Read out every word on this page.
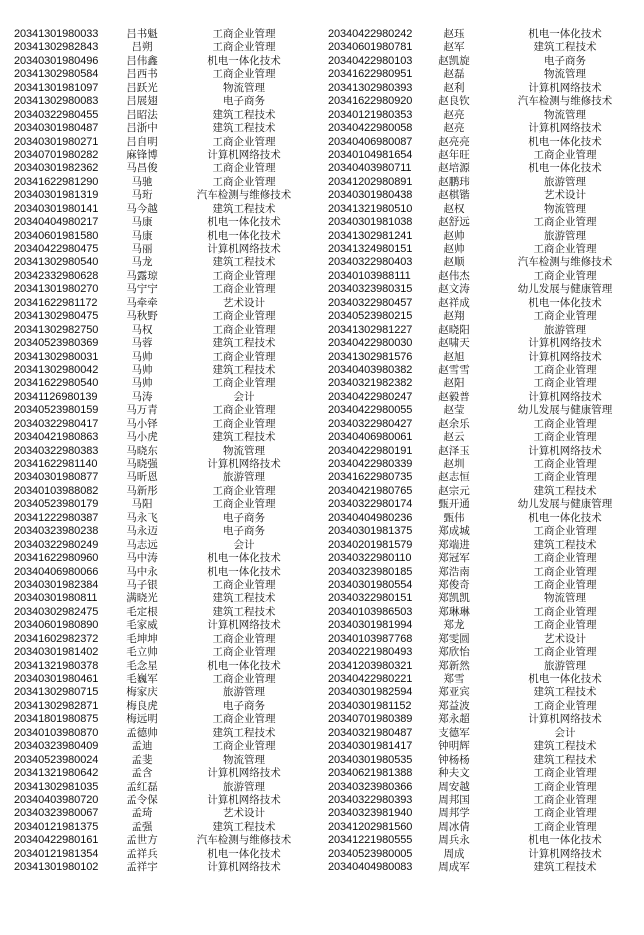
20341301980033	吕书魁	工商企业管理
20341302982843	吕朔	工商企业管理
20340301980496	吕伟鑫	机电一体化技术
20341302980584	吕西书	工商企业管理
20341301981097	吕跃光	物流管理
20341302980083	吕展翅	电子商务
20340322980455	吕昭法	建筑工程技术
20340301980487	吕浙中	建筑工程技术
20340301980271	吕自明	工商企业管理
20340701980282	麻锋博	计算机网络技术
20340301982362	马昌俊	工商企业管理
20341622981290	马驰	工商企业管理
20340301981319	马珩	汽车检测与维修技术
20340301980141	马今越	建筑工程技术
20340404980217	马康	机电一体化技术
20340601981580	马康	机电一体化技术
20340422980475	马丽	计算机网络技术
20341302980540	马龙	建筑工程技术
20342332980628	马露琼	工商企业管理
20341301980270	马宁宁	工商企业管理
20341622981172	马牵牵	艺术设计
20341302980475	马秋野	工商企业管理
20341302982750	马权	工商企业管理
20340523980369	马蓉	建筑工程技术
20341302980031	马帅	工商企业管理
20341302980042	马帅	建筑工程技术
20341622980540	马帅	工商企业管理
20341126980139	马涛	会计
20340523980159	马万青	工商企业管理
20340322980417	马小铎	工商企业管理
20340421980863	马小虎	建筑工程技术
20340322980383	马晓东	物流管理
20341622981140	马晓强	计算机网络技术
20340301980877	马昕恩	旅游管理
20340103988082	马新彤	工商企业管理
20340523980179	马阳	工商企业管理
20341222980387	马永飞	电子商务
20340323980238	马永迈	电子商务
20340322980249	马志远	会计
20341622980960	马中涛	机电一体化技术
20340406980066	马中永	机电一体化技术
20340301982384	马子银	工商企业管理
20340301980811	满晓光	建筑工程技术
20340302982475	毛定根	建筑工程技术
20340601980890	毛家威	计算机网络技术
20341602982372	毛坤坤	工商企业管理
20340301981402	毛立帅	工商企业管理
20341321980378	毛念星	机电一体化技术
20340301980461	毛巍军	工商企业管理
20341302980715	梅家庆	旅游管理
20341302982871	梅良虎	电子商务
20341801980875	梅远明	工商企业管理
20340103980870	孟德帅	建筑工程技术
20340323980409	孟迪	工商企业管理
20340523980024	孟斐	物流管理
20341321980642	孟含	计算机网络技术
20341302981035	孟红磊	旅游管理
20340403980720	孟令保	计算机网络技术
20340323980067	孟琦	艺术设计
20340121981375	孟强	建筑工程技术
20340422980161	孟世方	汽车检测与维修技术
20340121981354	孟祥兵	机电一体化技术
20341301980102	孟祥宇	计算机网络技术
20340422980242	赵珏	机电一体化技术
20340601980781	赵军	建筑工程技术
20340422980103	赵凯旋	电子商务
20341622980951	赵磊	物流管理
20341302980393	赵利	计算机网络技术
20341622980920	赵良钦	汽车检测与维修技术
20340121980353	赵亮	物流管理
20340422980058	赵亮	计算机网络技术
20340406980087	赵亮亮	机电一体化技术
20340104981654	赵年旺	工商企业管理
20340403980711	赵培源	机电一体化技术
20341202980891	赵鹏玮	旅游管理
20340301980438	赵棋锴	艺术设计
20341321980510	赵权	物流管理
20340301981038	赵舒远	工商企业管理
20341302981241	赵帅	旅游管理
20341324980151	赵帅	工商企业管理
20340322980403	赵顺	汽车检测与维修技术
20340103988111	赵伟杰	工商企业管理
20340323980315	赵文涛	幼儿发展与健康管理
20340322980457	赵祥成	机电一体化技术
20340523980215	赵翔	工商企业管理
20341302981227	赵晓阳	旅游管理
20340422980030	赵啸天	计算机网络技术
20341302981576	赵旭	计算机网络技术
20340403980382	赵雪雪	工商企业管理
20340321982382	赵阳	工商企业管理
20340422980247	赵毅普	计算机网络技术
20340422980055	赵莹	幼儿发展与健康管理
20340322980427	赵余乐	工商企业管理
20340406980061	赵云	工商企业管理
20340422980191	赵泽玉	计算机网络技术
20340422980339	赵圳	工商企业管理
20341622980735	赵志恒	工商企业管理
20340421980765	赵宗元	建筑工程技术
20340322980174	甄开通	幼儿发展与健康管理
20340404980236	甄伟	机电一体化技术
20340301981375	郑成城	工商企业管理
20340201981579	郑端进	建筑工程技术
20340322980110	郑冠军	工商企业管理
20340323980185	郑浩南	工商企业管理
20340301980554	郑俊奇	工商企业管理
20340322980151	郑凯凯	物流管理
20340103986503	郑琳琳	工商企业管理
20340301981994	郑龙	工商企业管理
20340103987768	郑雯圆	艺术设计
20340221980493	郑欣怡	工商企业管理
20341203980321	郑新然	旅游管理
20340422980221	郑雪	机电一体化技术
20340301982594	郑亚宾	建筑工程技术
20340301981152	郑益波	工商企业管理
20340701980389	郑永超	计算机网络技术
20340321980487	支德军	会计
20340301981417	钟明辉	建筑工程技术
20340301980535	钟杨杨	建筑工程技术
20340621981388	种夫文	工商企业管理
20340323980366	周安越	工商企业管理
20340322980393	周邦国	工商企业管理
20340323981940	周邦学	工商企业管理
20341202981560	周冰倩	工商企业管理
20341221980555	周兵永	机电一体化技术
20340523980005	周成	计算机网络技术
20340404980083	周成军	建筑工程技术
